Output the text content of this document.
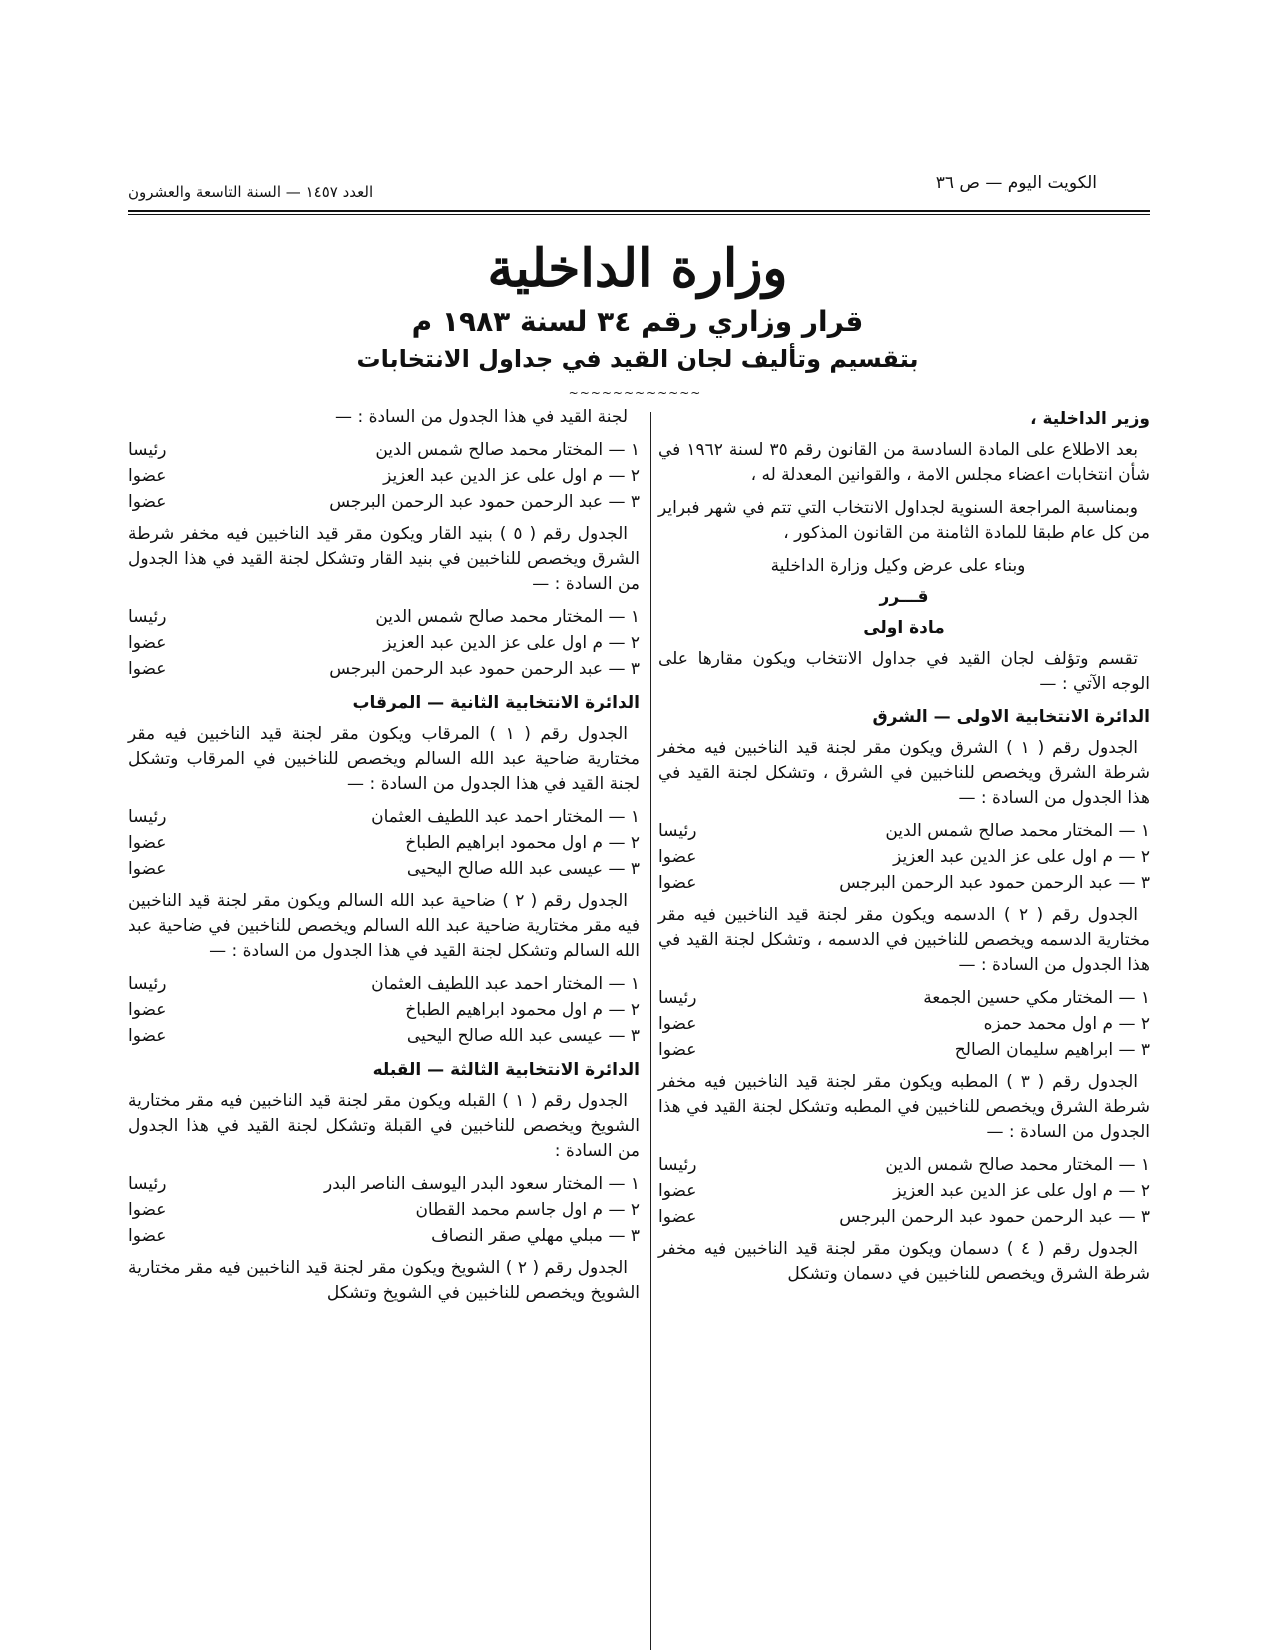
الكويت اليوم — ص ٣٦
العدد ١٤٥٧ — السنة التاسعة والعشرون
وزارة الداخلية
قرار وزاري رقم ٣٤ لسنة ١٩٨٣ م
بتقسيم وتأليف لجان القيد في جداول الانتخابات
~~~~~~~~~~~~
وزير الداخلية ،

بعد الاطلاع على المادة السادسة من القانون رقم ٣٥ لسنة ١٩٦٢ في شأن انتخابات اعضاء مجلس الامة ، والقوانين المعدلة له ،

وبمناسبة المراجعة السنوية لجداول الانتخاب التي تتم في شهر فبراير من كل عام طبقا للمادة الثامنة من القانون المذكور ،

وبناء على عرض وكيل وزارة الداخلية

قـــرر
مادة اولى

تقسم وتؤلف لجان القيد في جداول الانتخاب ويكون مقارها على الوجه الآتي : —

الدائرة الانتخابية الاولى — الشرق

الجدول رقم ( ١ ) الشرق ويكون مقر لجنة قيد الناخبين فيه مخفر شرطة الشرق ويخصص للناخبين في الشرق ، وتشكل لجنة القيد في هذا الجدول من السادة : —

١ — المختار محمد صالح شمس الدين
رئيسا
٢ — م اول على عز الدين عبد العزيز
عضوا
٣ — عبد الرحمن حمود عبد الرحمن البرجس
عضوا

الجدول رقم ( ٢ ) الدسمه ويكون مقر لجنة قيد الناخبين فيه مقر مختارية الدسمه ويخصص للناخبين في الدسمه ، وتشكل لجنة القيد في هذا الجدول من السادة : —

١ — المختار مكي حسين الجمعة
رئيسا
٢ — م اول محمد حمزه
عضوا
٣ — ابراهيم سليمان الصالح
عضوا

الجدول رقم ( ٣ ) المطبه ويكون مقر لجنة قيد الناخبين فيه مخفر شرطة الشرق ويخصص للناخبين في المطبه وتشكل لجنة القيد في هذا الجدول من السادة : —

١ — المختار محمد صالح شمس الدين
رئيسا
٢ — م اول على عز الدين عبد العزيز
عضوا
٣ — عبد الرحمن حمود عبد الرحمن البرجس
عضوا

الجدول رقم ( ٤ ) دسمان ويكون مقر لجنة قيد الناخبين فيه مخفر شرطة الشرق ويخصص للناخبين في دسمان وتشكل

لجنة القيد في هذا الجدول من السادة : —

١ — المختار محمد صالح شمس الدين
رئيسا
٢ — م اول على عز الدين عبد العزيز
عضوا
٣ — عبد الرحمن حمود عبد الرحمن البرجس
عضوا

الجدول رقم ( ٥ ) بنيد القار ويكون مقر قيد الناخبين فيه مخفر شرطة الشرق ويخصص للناخبين في بنيد القار وتشكل لجنة القيد في هذا الجدول من السادة : —

١ — المختار محمد صالح شمس الدين
رئيسا
٢ — م اول على عز الدين عبد العزيز
عضوا
٣ — عبد الرحمن حمود عبد الرحمن البرجس
عضوا
الدائرة الانتخابية الثانية — المرقاب

الجدول رقم ( ١ ) المرقاب ويكون مقر لجنة قيد الناخبين فيه مقر مختارية ضاحية عبد الله السالم ويخصص للناخبين في المرقاب وتشكل لجنة القيد في هذا الجدول من السادة : —

١ — المختار احمد عبد اللطيف العثمان
رئيسا
٢ — م اول محمود ابراهيم الطباخ
عضوا
٣ — عيسى عبد الله صالح اليحيى
عضوا

الجدول رقم ( ٢ ) ضاحية عبد الله السالم ويكون مقر لجنة قيد الناخبين فيه مقر مختارية ضاحية عبد الله السالم ويخصص للناخبين في ضاحية عبد الله السالم وتشكل لجنة القيد في هذا الجدول من السادة : —

١ — المختار احمد عبد اللطيف العثمان
رئيسا
٢ — م اول محمود ابراهيم الطباخ
عضوا
٣ — عيسى عبد الله صالح اليحيى
عضوا
الدائرة الانتخابية الثالثة — القبله

الجدول رقم ( ١ ) القبله ويكون مقر لجنة قيد الناخبين فيه مقر مختارية الشويخ ويخصص للناخبين في القبلة وتشكل لجنة القيد في هذا الجدول من السادة :

١ — المختار سعود البدر اليوسف الناصر البدر
رئيسا
٢ — م اول جاسم محمد القطان
عضوا
٣ — مبلي مهلي صقر النصاف
عضوا

الجدول رقم ( ٢ ) الشويخ ويكون مقر لجنة قيد الناخبين فيه مقر مختارية الشويخ ويخصص للناخبين في الشويخ وتشكل
